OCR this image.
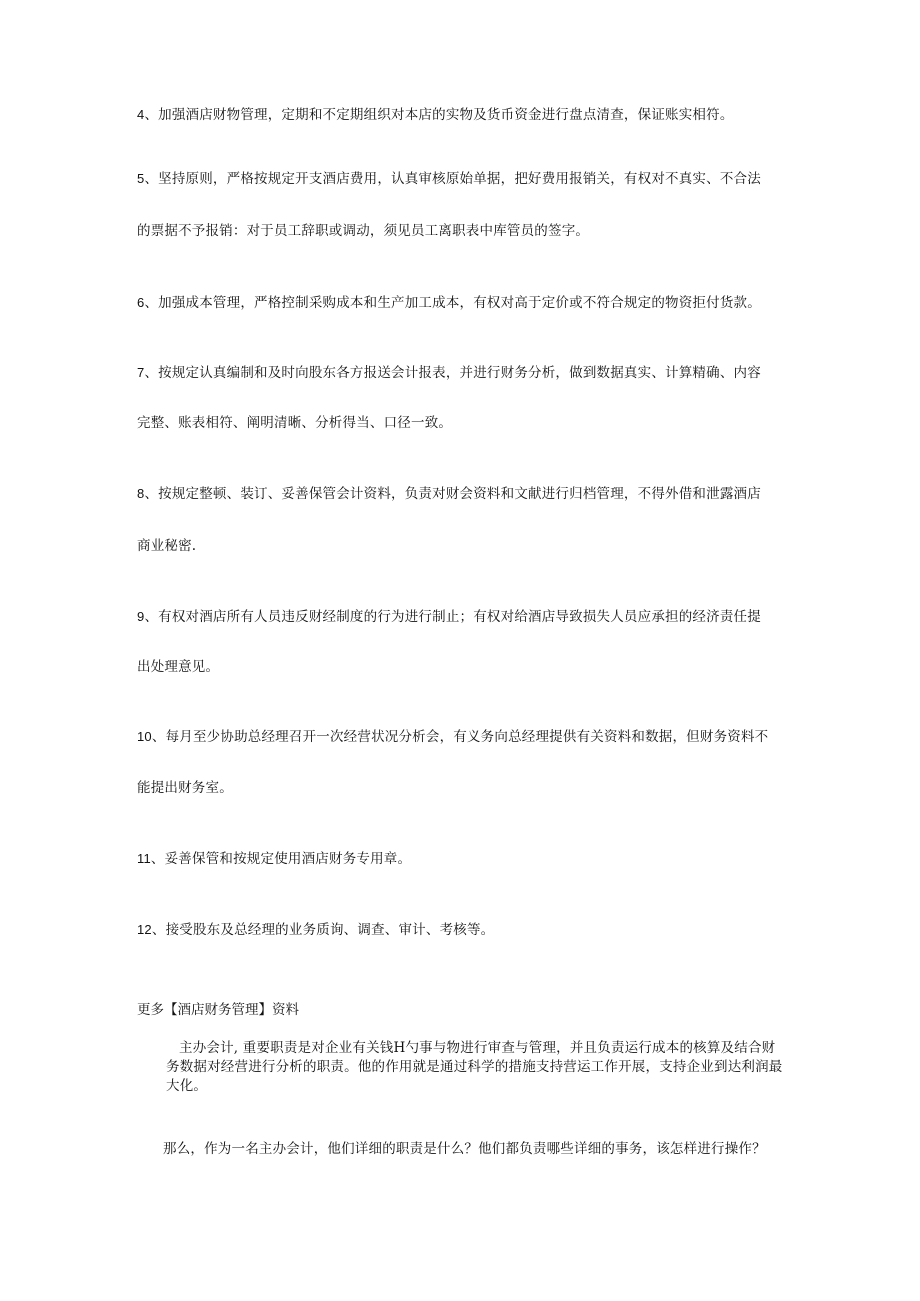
4、加强酒店财物管理，定期和不定期组织对本店的实物及货币资金进行盘点清查，保证账实相符。
5、坚持原则，严格按规定开支酒店费用，认真审核原始单据，把好费用报销关，有权对不真实、不合法
的票据不予报销：对于员工辞职或调动，须见员工离职表中库管员的签字。
6、加强成本管理，严格控制采购成本和生产加工成本，有权对高于定价或不符合规定的物资拒付货款。
7、按规定认真编制和及时向股东各方报送会计报表，并进行财务分析，做到数据真实、计算精确、内容
完整、账表相符、阐明清晰、分析得当、口径一致。
8、按规定整顿、装订、妥善保管会计资料，负责对财会资料和文献进行归档管理，不得外借和泄露酒店
商业秘密.
9、有权对酒店所有人员违反财经制度的行为进行制止；有权对给酒店导致损失人员应承担的经济责任提
出处理意见。
10、每月至少协助总经理召开一次经营状况分析会，有义务向总经理提供有关资料和数据，但财务资料不
能提出财务室。
11、妥善保管和按规定使用酒店财务专用章。
12、接受股东及总经理的业务质询、调查、审计、考核等。
更多【酒店财务管理】资料
主办会计, 重要职责是对企业有关钱H勺事与物进行审查与管理，并且负责运行成本的核算及结合财务数据对经营进行分析的职责。他的作用就是通过科学的措施支持营运工作开展，支持企业到达利润最大化。
那么，作为一名主办会计，他们详细的职责是什么？他们都负责哪些详细的事务，该怎样进行操作？
